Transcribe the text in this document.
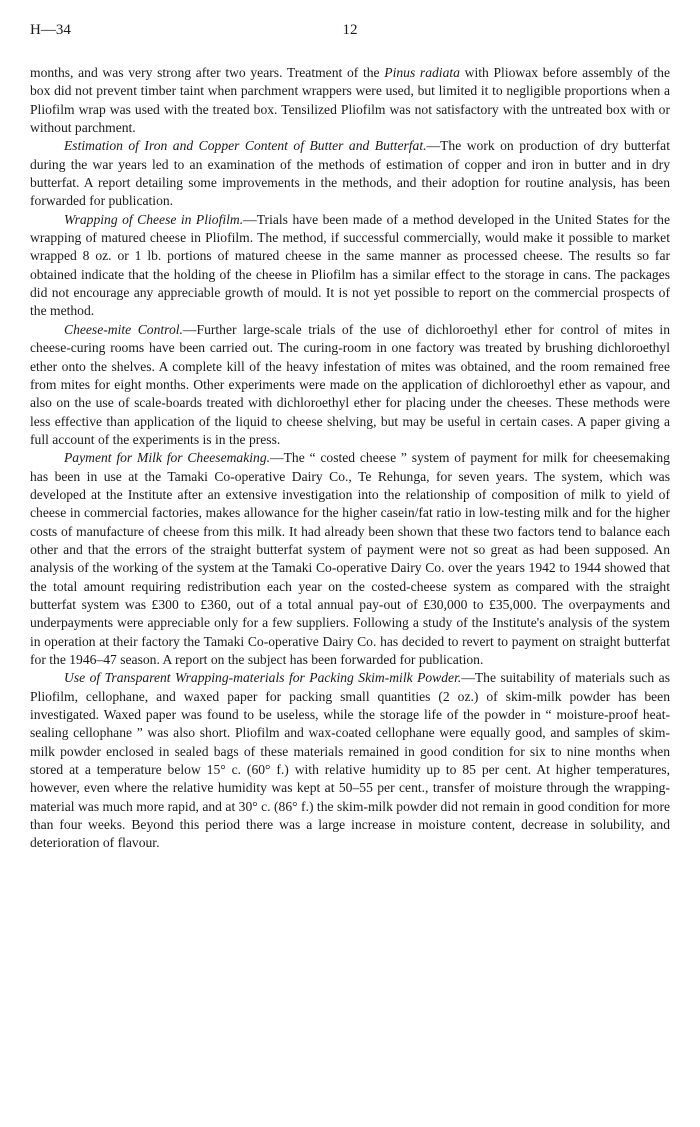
H—34	12

months, and was very strong after two years. Treatment of the Pinus radiata with Pliowax before assembly of the box did not prevent timber taint when parchment wrappers were used, but limited it to negligible proportions when a Pliofilm wrap was used with the treated box. Tensilized Pliofilm was not satisfactory with the untreated box with or without parchment.

Estimation of Iron and Copper Content of Butter and Butterfat.—The work on production of dry butterfat during the war years led to an examination of the methods of estimation of copper and iron in butter and in dry butterfat. A report detailing some improvements in the methods, and their adoption for routine analysis, has been forwarded for publication.

Wrapping of Cheese in Pliofilm.—Trials have been made of a method developed in the United States for the wrapping of matured cheese in Pliofilm. The method, if successful commercially, would make it possible to market wrapped 8 oz. or 1 lb. portions of matured cheese in the same manner as processed cheese. The results so far obtained indicate that the holding of the cheese in Pliofilm has a similar effect to the storage in cans. The packages did not encourage any appreciable growth of mould. It is not yet possible to report on the commercial prospects of the method.

Cheese-mite Control.—Further large-scale trials of the use of dichloroethyl ether for control of mites in cheese-curing rooms have been carried out. The curing-room in one factory was treated by brushing dichloroethyl ether onto the shelves. A complete kill of the heavy infestation of mites was obtained, and the room remained free from mites for eight months. Other experiments were made on the application of dichloroethyl ether as vapour, and also on the use of scale-boards treated with dichloroethyl ether for placing under the cheeses. These methods were less effective than application of the liquid to cheese shelving, but may be useful in certain cases. A paper giving a full account of the experiments is in the press.

Payment for Milk for Cheesemaking.—The “ costed cheese ” system of payment for milk for cheesemaking has been in use at the Tamaki Co-operative Dairy Co., Te Rehunga, for seven years. The system, which was developed at the Institute after an extensive investigation into the relationship of composition of milk to yield of cheese in commercial factories, makes allowance for the higher casein/fat ratio in low-testing milk and for the higher costs of manufacture of cheese from this milk. It had already been shown that these two factors tend to balance each other and that the errors of the straight butterfat system of payment were not so great as had been supposed. An analysis of the working of the system at the Tamaki Co-operative Dairy Co. over the years 1942 to 1944 showed that the total amount requiring redistribution each year on the costed-cheese system as compared with the straight butterfat system was £300 to £360, out of a total annual pay-out of £30,000 to £35,000. The overpayments and underpayments were appreciable only for a few suppliers. Following a study of the Institute's analysis of the system in operation at their factory the Tamaki Co-operative Dairy Co. has decided to revert to payment on straight butterfat for the 1946–47 season. A report on the subject has been forwarded for publication.

Use of Transparent Wrapping-materials for Packing Skim-milk Powder.—The suitability of materials such as Pliofilm, cellophane, and waxed paper for packing small quantities (2 oz.) of skim-milk powder has been investigated. Waxed paper was found to be useless, while the storage life of the powder in “ moisture-proof heat-sealing cellophane ” was also short. Pliofilm and wax-coated cellophane were equally good, and samples of skim-milk powder enclosed in sealed bags of these materials remained in good condition for six to nine months when stored at a temperature below 15° c. (60° f.) with relative humidity up to 85 per cent. At higher temperatures, however, even where the relative humidity was kept at 50–55 per cent., transfer of moisture through the wrapping-material was much more rapid, and at 30° c. (86° f.) the skim-milk powder did not remain in good condition for more than four weeks. Beyond this period there was a large increase in moisture content, decrease in solubility, and deterioration of flavour.
